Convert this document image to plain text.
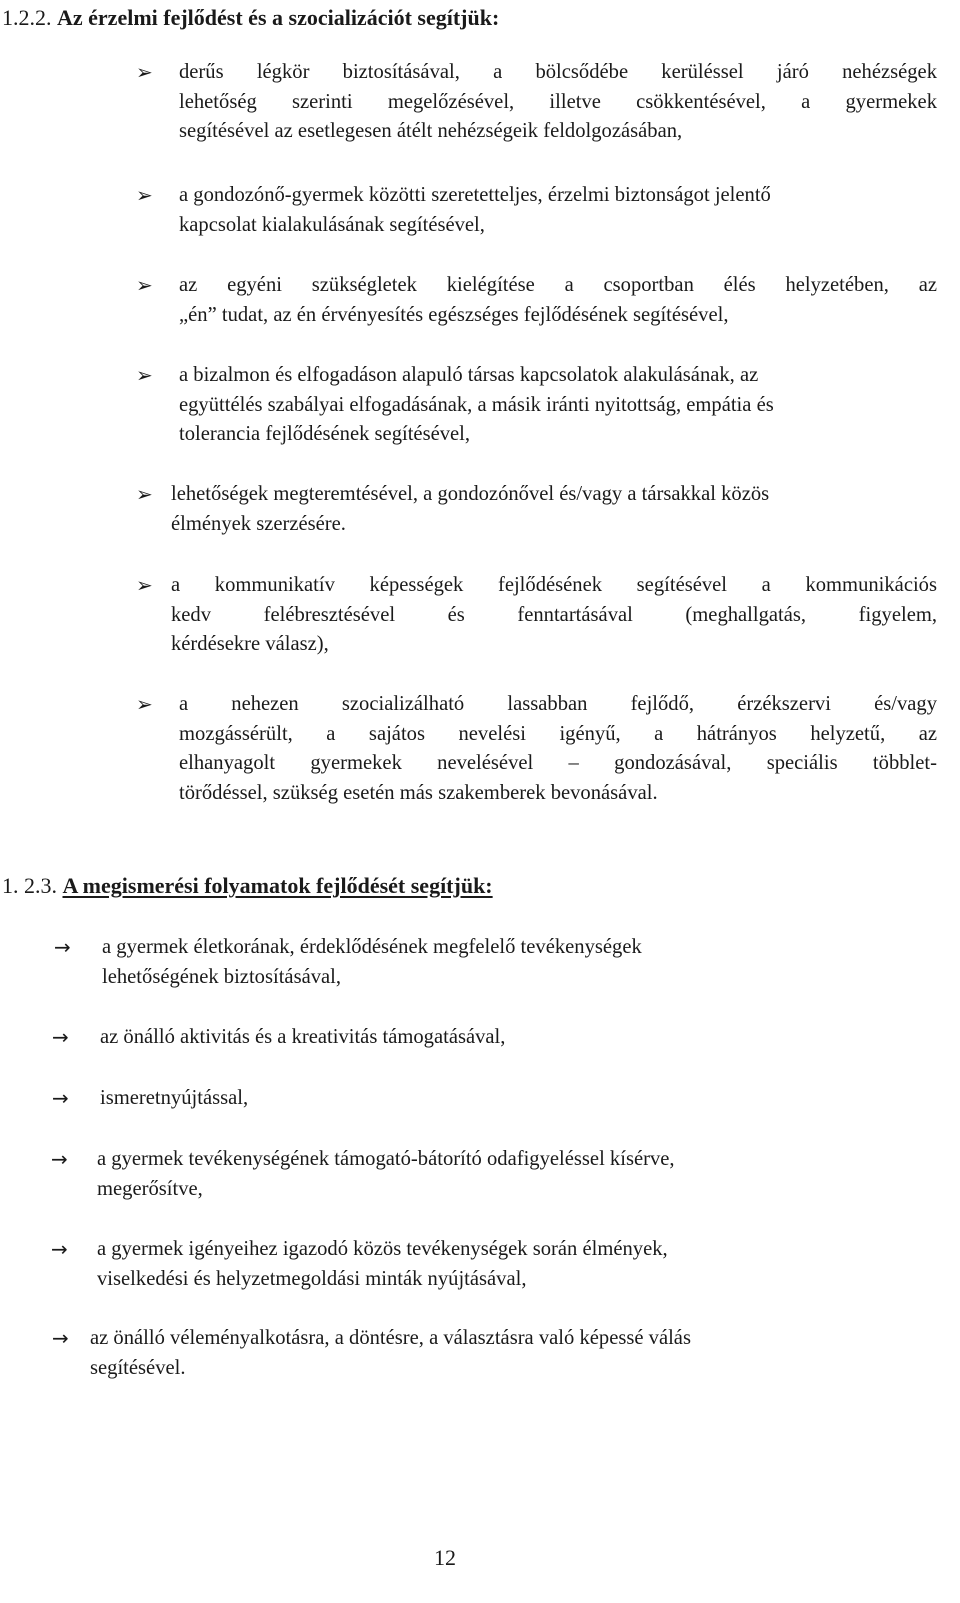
1.2.2. Az érzelmi fejlődést és a szocializációt segítjük:
➢ derűs légkör biztosításával, a bölcsődébe kerüléssel járó nehézségek
lehetőség szerinti megelőzésével, illetve csökkentésével, a gyermekek
segítésével az esetlegesen átélt nehézségeik feldolgozásában,
➢ a gondozónő-gyermek közötti szeretetteljes, érzelmi biztonságot jelentő
kapcsolat kialakulásának segítésével,
➢ az egyéni szükségletek kielégítése a csoportban élés helyzetében, az
„én” tudat, az én érvényesítés egészséges fejlődésének segítésével,
➢ a bizalmon és elfogadáson alapuló társas kapcsolatok alakulásának, az
együttélés szabályai elfogadásának, a másik iránti nyitottság, empátia és
tolerancia fejlődésének segítésével,
➢ lehetőségek megteremtésével, a gondozónővel és/vagy a társakkal közös
élmények szerzésére.
➢ a kommunikatív képességek fejlődésének segítésével a kommunikációs
kedv felébresztésével és fenntartásával (meghallgatás, figyelem,
kérdésekre válasz),
➢ a nehezen szocializálható lassabban fejlődő, érzékszervi és/vagy
mozgássérült, a sajátos nevelési igényű, a hátrányos helyzetű, az
elhanyagolt gyermekek nevelésével – gondozásával, speciális többlet-
törődéssel, szükség esetén más szakemberek bevonásával.
1. 2.3. A megismerési folyamatok fejlődését segítjük:
→ a gyermek életkorának, érdeklődésének megfelelő tevékenységek
lehetőségének biztosításával,
→ az önálló aktivitás és a kreativitás támogatásával,
→ ismeretnyújtással,
→ a gyermek tevékenységének támogató-bátorító odafigyeléssel kísérve,
megerősítve,
→ a gyermek igényeihez igazodó közös tevékenységek során élmények,
viselkedési és helyzetmegoldási minták nyújtásával,
→ az önálló véleményalkotásra, a döntésre, a választásra való képessé válás
segítésével.
12
